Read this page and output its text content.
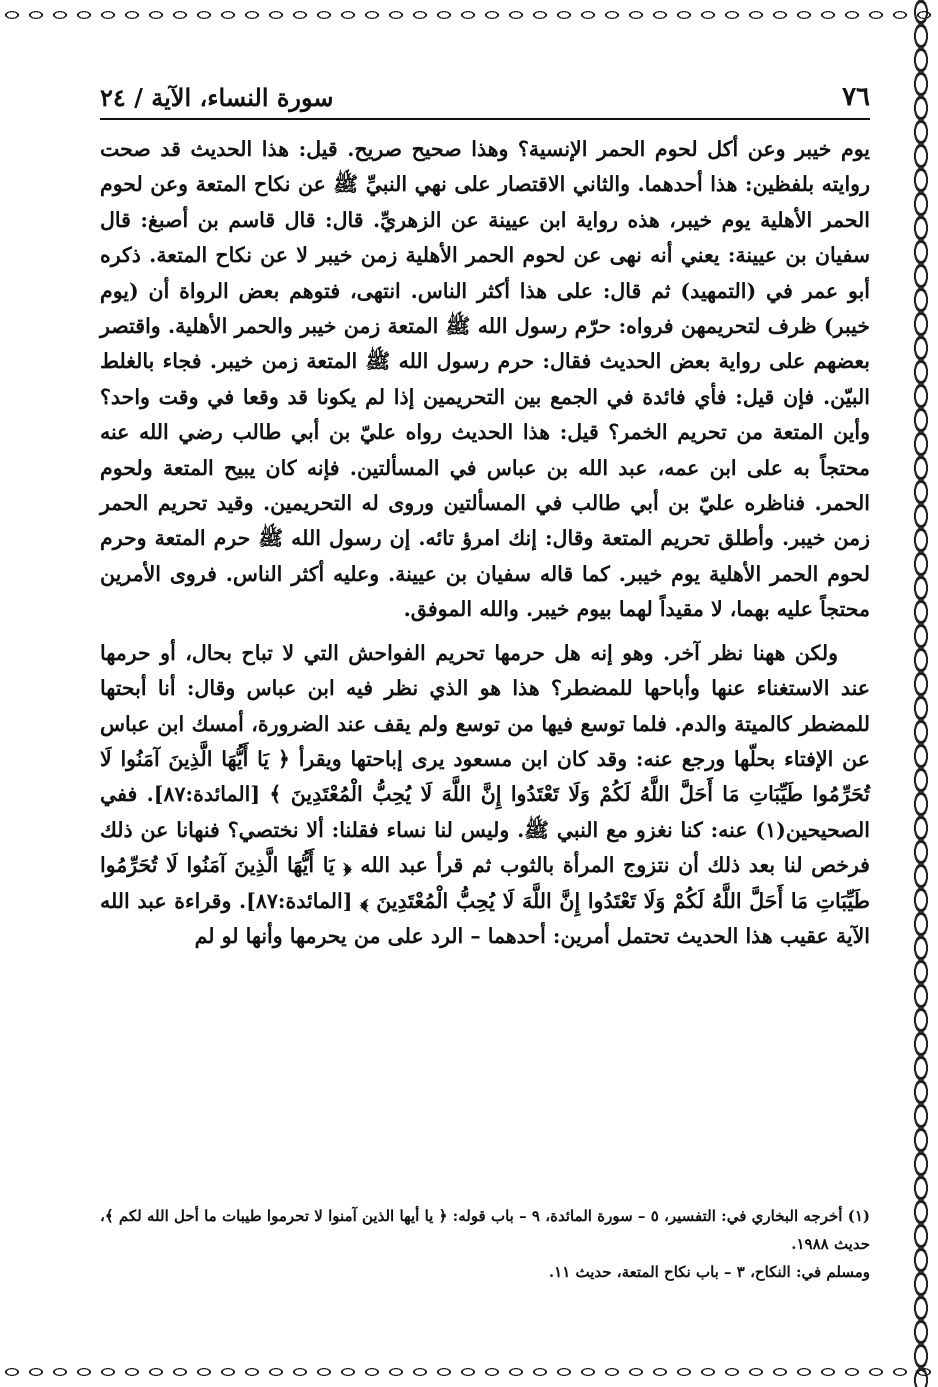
٧٦
سورة النساء، الآية / ٢٤

يوم خيبر وعن أكل لحوم الحمر الإنسية؟ وهذا صحيح صريح. قيل: هذا الحديث قد صحت روايته بلفظين: هذا أحدهما. والثاني الاقتصار على نهي النبيِّ ﷺ عن نكاح المتعة وعن لحوم الحمر الأهلية يوم خيبر، هذه رواية ابن عيينة عن الزهريِّ. قال: قال قاسم بن أصبغ: قال سفيان بن عيينة: يعني أنه نهى عن لحوم الحمر الأهلية زمن خيبر لا عن نكاح المتعة. ذكره أبو عمر في (التمهيد) ثم قال: على هذا أكثر الناس. انتهى، فتوهم بعض الرواة أن (يوم خيبر) ظرف لتحريمهن فرواه: حرّم رسول الله ﷺ المتعة زمن خيبر والحمر الأهلية. واقتصر بعضهم على رواية بعض الحديث فقال: حرم رسول الله ﷺ المتعة زمن خيبر. فجاء بالغلط البيّن. فإن قيل: فأي فائدة في الجمع بين التحريمين إذا لم يكونا قد وقعا في وقت واحد؟ وأين المتعة من تحريم الخمر؟ قيل: هذا الحديث رواه عليّ بن أبي طالب رضي الله عنه محتجاً به على ابن عمه، عبد الله بن عباس في المسألتين. فإنه كان يبيح المتعة ولحوم الحمر. فناظره عليّ بن أبي طالب في المسألتين وروى له التحريمين. وقيد تحريم الحمر زمن خيبر. وأطلق تحريم المتعة وقال: إنك امرؤ تائه. إن رسول الله ﷺ حرم المتعة وحرم لحوم الحمر الأهلية يوم خيبر. كما قاله سفيان بن عيينة. وعليه أكثر الناس. فروى الأمرين محتجاً عليه بهما، لا مقيداً لهما بيوم خيبر. والله الموفق.

ولكن ههنا نظر آخر. وهو إنه هل حرمها تحريم الفواحش التي لا تباح بحال، أو حرمها عند الاستغناء عنها وأباحها للمضطر؟ هذا هو الذي نظر فيه ابن عباس وقال: أنا أبحتها للمضطر كالميتة والدم. فلما توسع فيها من توسع ولم يقف عند الضرورة، أمسك ابن عباس عن الإفتاء بحلّها ورجع عنه: وقد كان ابن مسعود يرى إباحتها ويقرأ ﴿ يَا أَيُّهَا الَّذِينَ آمَنُوا لَا تُحَرِّمُوا طَيِّبَاتِ مَا أَحَلَّ اللَّهُ لَكُمْ وَلَا تَعْتَدُوا إِنَّ اللَّهَ لَا يُحِبُّ الْمُعْتَدِينَ ﴾ [المائدة:٨٧]. ففي الصحيحين(١) عنه: كنا نغزو مع النبي ﷺ. وليس لنا نساء فقلنا: ألا نختصي؟ فنهانا عن ذلك فرخص لنا بعد ذلك أن نتزوج المرأة بالثوب ثم قرأ عبد الله ﴿ يَا أَيُّهَا الَّذِينَ آمَنُوا لَا تُحَرِّمُوا طَيِّبَاتِ مَا أَحَلَّ اللَّهُ لَكُمْ وَلَا تَعْتَدُوا إِنَّ اللَّهَ لَا يُحِبُّ الْمُعْتَدِينَ ﴾ [المائدة:٨٧]. وقراءة عبد الله الآية عقيب هذا الحديث تحتمل أمرين: أحدهما – الرد على من يحرمها وأنها لو لم

(١) أخرجه البخاري في: التفسير، ٥ – سورة المائدة، ٩ – باب قوله: ﴿ يا أيها الذين آمنوا لا تحرموا طيبات ما أحل الله لكم ﴾، حديث ١٩٨٨.

ومسلم في: النكاح، ٣ – باب نكاح المتعة، حديث ١١.
